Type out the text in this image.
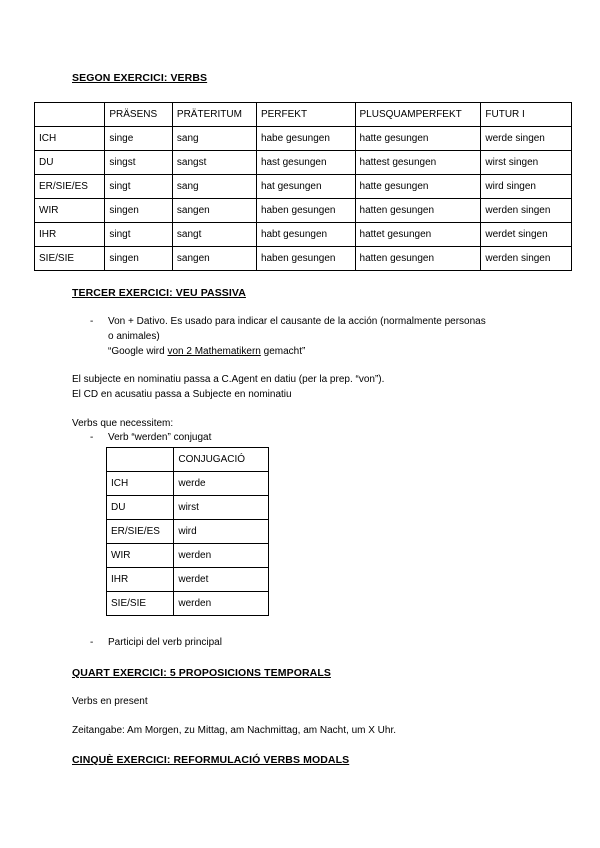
SEGON EXERCICI: VERBS
	PRÄSENS	PRÄTERITUM	PERFEKT	PLUSQUAMPERFEKT	FUTUR I
ICH	singe	sang	habe gesungen	hatte gesungen	werde singen
DU	singst	sangst	hast gesungen	hattest gesungen	wirst singen
ER/SIE/ES	singt	sang	hat gesungen	hatte gesungen	wird singen
WIR	singen	sangen	haben gesungen	hatten gesungen	werden singen
IHR	singt	sangt	habt gesungen	hattet gesungen	werdet singen
SIE/SIE	singen	sangen	haben gesungen	hatten gesungen	werden singen
TERCER EXERCICI: VEU PASSIVA
- Von + Dativo. Es usado para indicar el causante de la acción (normalmente personas
o animales)
“Google wird von 2 Mathematikern gemacht”
El subjecte en nominatiu passa a C.Agent en datiu (per la prep. “von”).
El CD en acusatiu passa a Subjecte en nominatiu
Verbs que necessitem:
- Verb “werden” conjugat
	CONJUGACIÓ
ICH	werde
DU	wirst
ER/SIE/ES	wird
WIR	werden
IHR	werdet
SIE/SIE	werden
- Participi del verb principal
QUART EXERCICI: 5 PROPOSICIONS TEMPORALS
Verbs en present
Zeitangabe: Am Morgen, zu Mittag, am Nachmittag, am Nacht, um X Uhr.
CINQUÈ EXERCICI: REFORMULACIÓ VERBS MODALS
